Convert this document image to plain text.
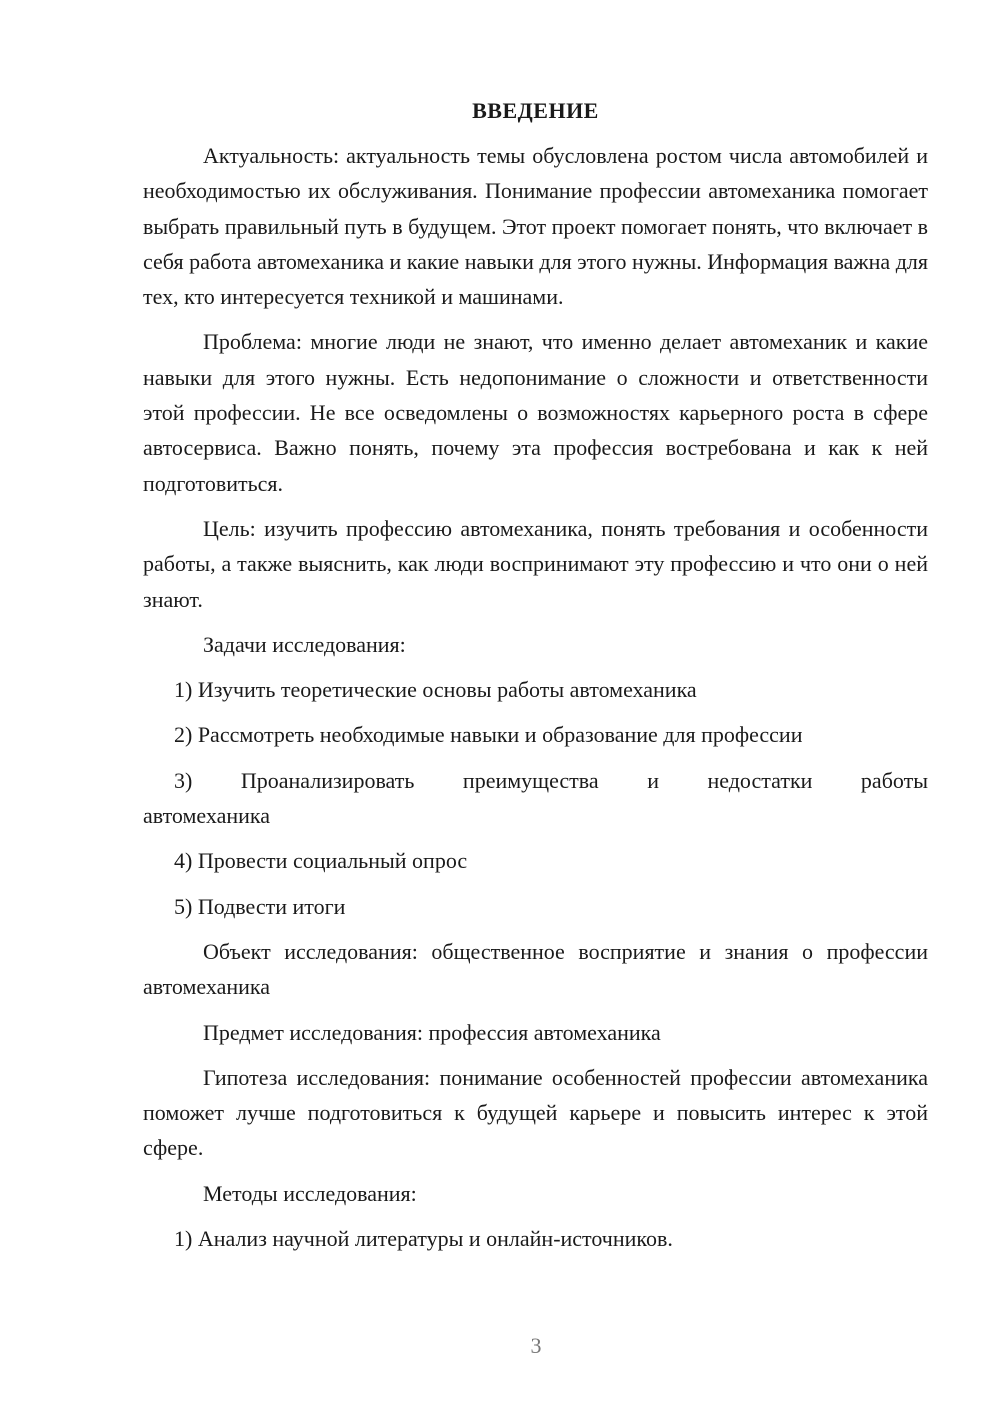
ВВЕДЕНИЕ

Актуальность: актуальность темы обусловлена ростом числа автомобилей и необходимостью их обслуживания. Понимание профессии автомеханика помогает выбрать правильный путь в будущем. Этот проект помогает понять, что включает в себя работа автомеханика и какие навыки для этого нужны. Информация важна для тех, кто интересуется техникой и машинами.

Проблема: многие люди не знают, что именно делает автомеханик и какие навыки для этого нужны. Есть недопонимание о сложности и ответственности этой профессии. Не все осведомлены о возможностях карьерного роста в сфере автосервиса. Важно понять, почему эта профессия востребована и как к ней подготовиться.

Цель: изучить профессию автомеханика, понять требования и особенности работы, а также выяснить, как люди воспринимают эту профессию и что они о ней знают.

Задачи исследования:

1) Изучить теоретические основы работы автомеханика

2) Рассмотреть необходимые навыки и образование для профессии

3) Проанализировать преимущества и недостатки работы автомеханика

4) Провести социальный опрос

5) Подвести итоги

Объект исследования: общественное восприятие и знания о профессии автомеханика

Предмет исследования: профессия автомеханика

Гипотеза исследования: понимание особенностей профессии автомеханика поможет лучше подготовиться к будущей карьере и повысить интерес к этой сфере.

Методы исследования:

1) Анализ научной литературы и онлайн-источников.

3
